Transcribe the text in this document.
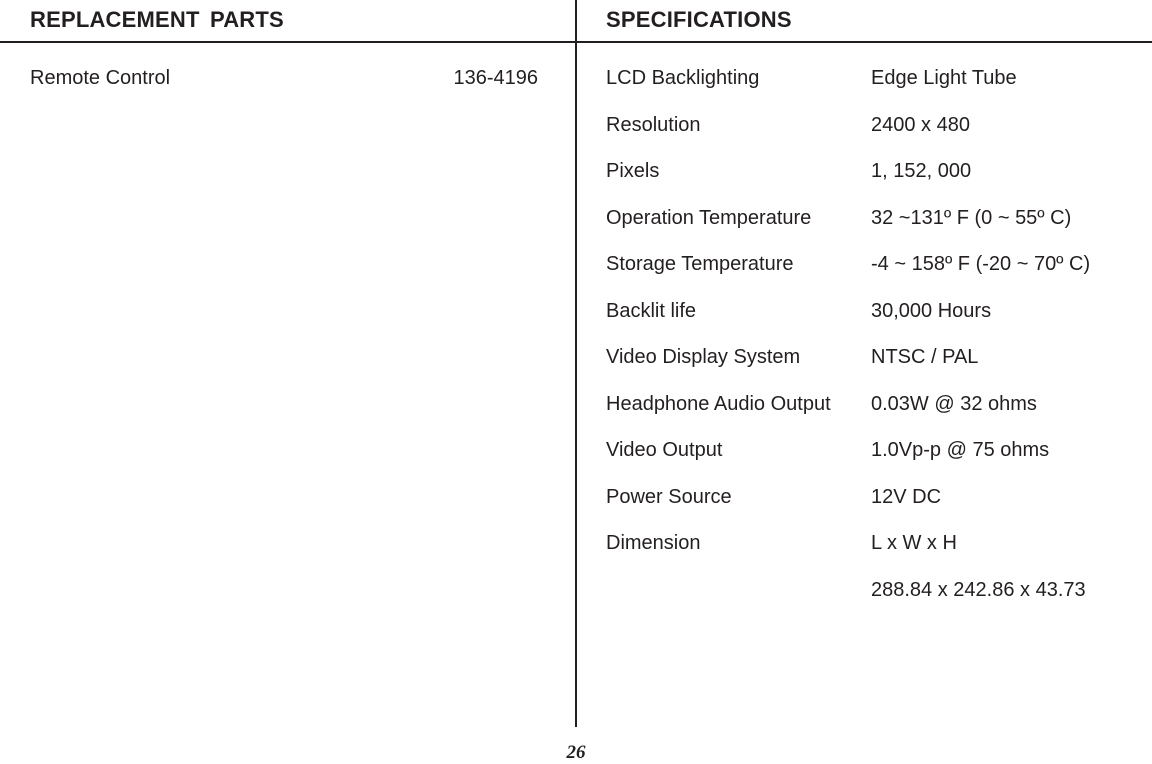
REPLACEMENT PARTS	SPECIFICATIONS
Remote Control	136-4196	LCD Backlighting	Edge Light Tube
Resolution	2400 x 480
Pixels	1, 152, 000
Operation Temperature	32 ~131º F (0 ~ 55º C)
Storage Temperature	-4 ~ 158º F (-20 ~ 70º C)
Backlit life	30,000 Hours
Video Display System	NTSC / PAL
Headphone Audio Output 0.03W @ 32 ohms
Video Output	1.0Vp-p @ 75 ohms
Power Source	12V DC
Dimension	L x W x H
288.84 x 242.86 x 43.73
26
